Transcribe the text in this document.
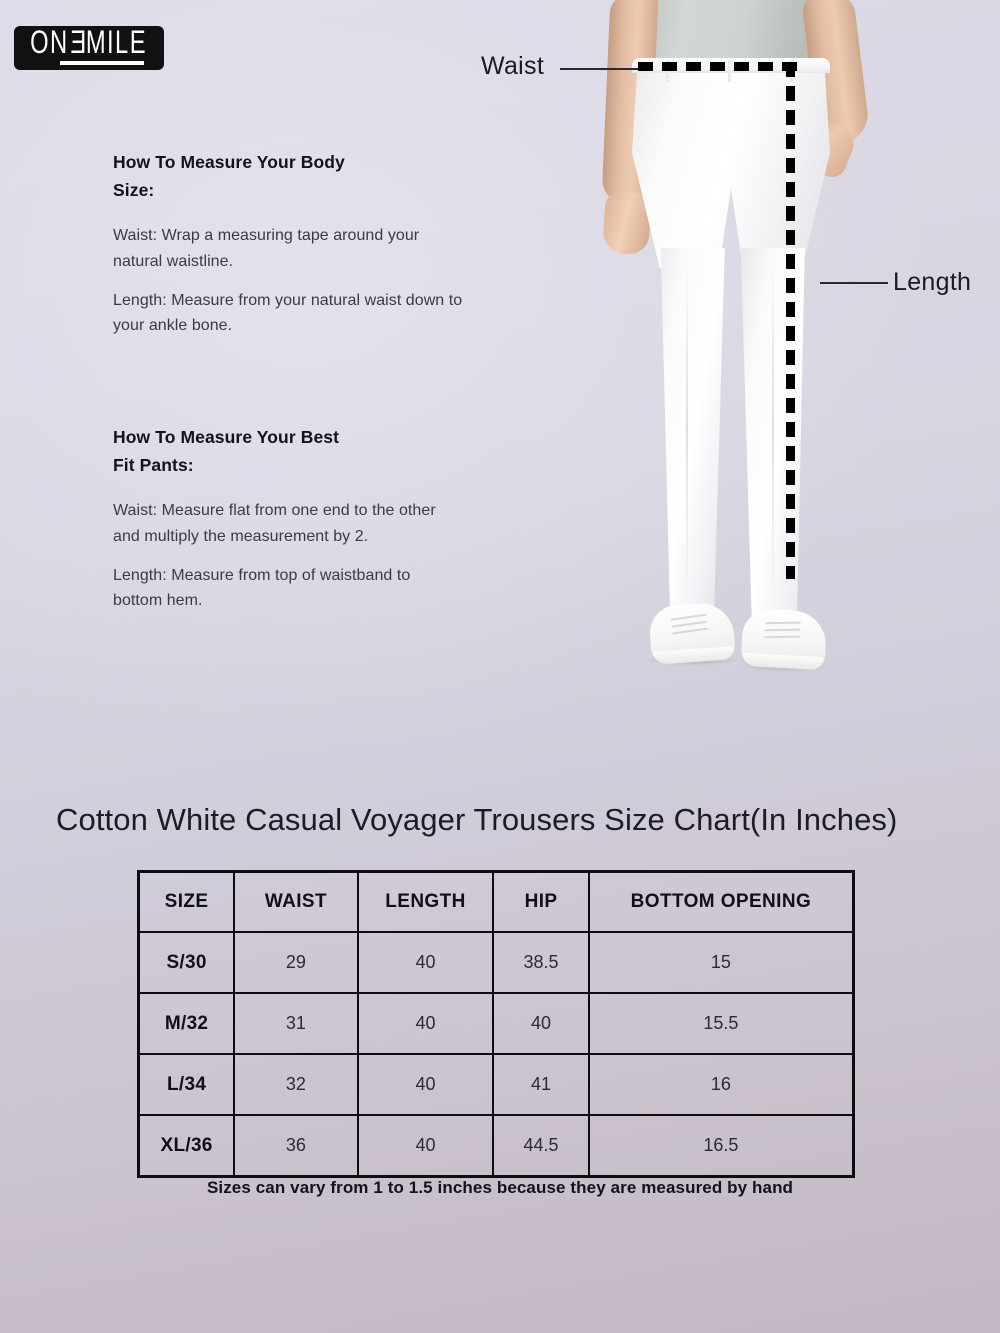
ONEMILE
How To Measure Your Body
Size:

Waist: Wrap a measuring tape around your natural waistline.

Length: Measure from your natural waist down to your ankle bone.

How To Measure Your Best
Fit Pants:

Waist: Measure flat from one end to the other and multiply the measurement by 2.

Length: Measure from top of waistband to bottom hem.

Waist
Length
Cotton White Casual Voyager Trousers Size Chart(In Inches)
SIZE	WAIST	LENGTH	HIP	BOTTOM OPENING
S/30	29	40	38.5	15
M/32	31	40	40	15.5
L/34	32	40	41	16
XL/36	36	40	44.5	16.5
Sizes can vary from 1 to 1.5 inches because they are measured by hand
